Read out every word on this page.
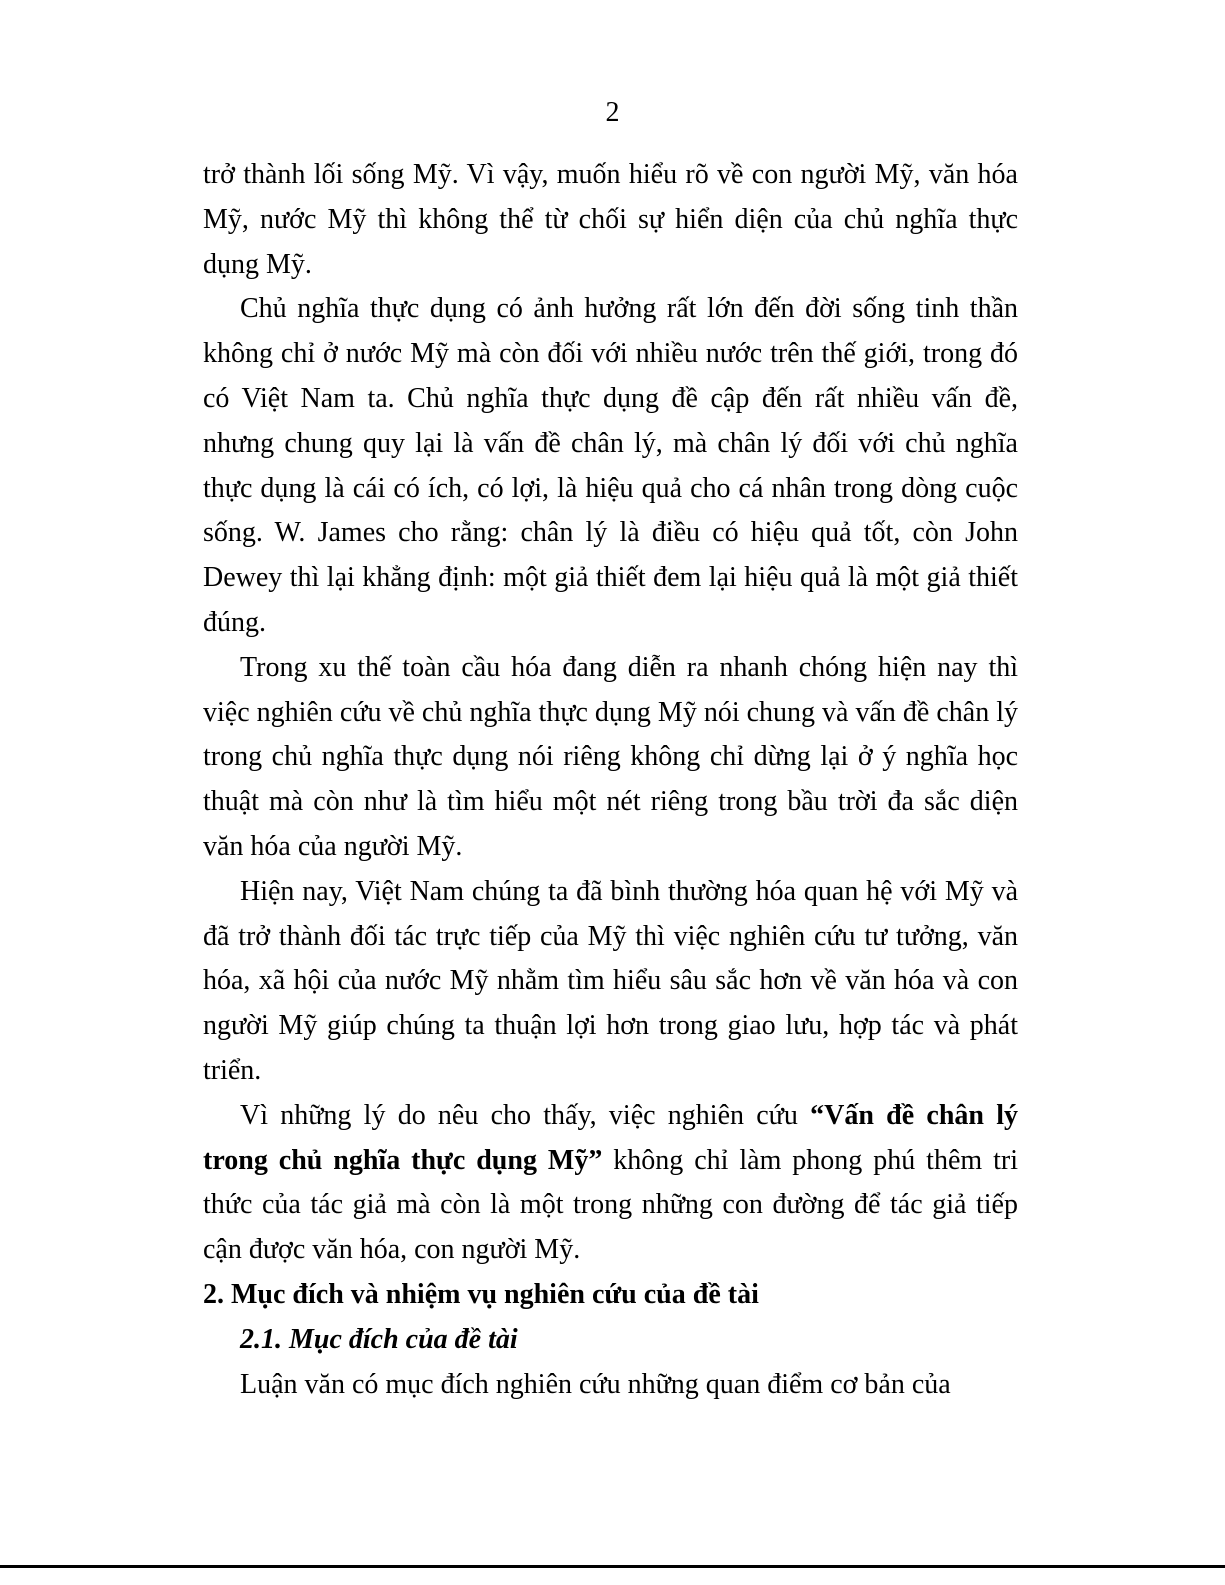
2

trở thành lối sống Mỹ. Vì vậy, muốn hiểu rõ về con người Mỹ, văn hóa Mỹ, nước Mỹ thì không thể từ chối sự hiển diện của chủ nghĩa thực dụng Mỹ.

Chủ nghĩa thực dụng có ảnh hưởng rất lớn đến đời sống tinh thần không chỉ ở nước Mỹ mà còn đối với nhiều nước trên thế giới, trong đó có Việt Nam ta. Chủ nghĩa thực dụng đề cập đến rất nhiều vấn đề, nhưng chung quy lại là vấn đề chân lý, mà chân lý đối với chủ nghĩa thực dụng là cái có ích, có lợi, là hiệu quả cho cá nhân trong dòng cuộc sống. W. James cho rằng: chân lý là điều có hiệu quả tốt, còn John Dewey thì lại khẳng định: một giả thiết đem lại hiệu quả là một giả thiết đúng.

Trong xu thế toàn cầu hóa đang diễn ra nhanh chóng hiện nay thì việc nghiên cứu về chủ nghĩa thực dụng Mỹ nói chung và vấn đề chân lý trong chủ nghĩa thực dụng nói riêng không chỉ dừng lại ở ý nghĩa học thuật mà còn như là tìm hiểu một nét riêng trong bầu trời đa sắc diện văn hóa của người Mỹ.

Hiện nay, Việt Nam chúng ta đã bình thường hóa quan hệ với Mỹ và đã trở thành đối tác trực tiếp của Mỹ thì việc nghiên cứu tư tưởng, văn hóa, xã hội của nước Mỹ nhằm tìm hiểu sâu sắc hơn về văn hóa và con người Mỹ giúp chúng ta thuận lợi hơn trong giao lưu, hợp tác và phát triển.

Vì những lý do nêu cho thấy, việc nghiên cứu “Vấn đề chân lý trong chủ nghĩa thực dụng Mỹ” không chỉ làm phong phú thêm tri thức của tác giả mà còn là một trong những con đường để tác giả tiếp cận được văn hóa, con người Mỹ.

2. Mục đích và nhiệm vụ nghiên cứu của đề tài

2.1. Mục đích của đề tài

Luận văn có mục đích nghiên cứu những quan điểm cơ bản của
